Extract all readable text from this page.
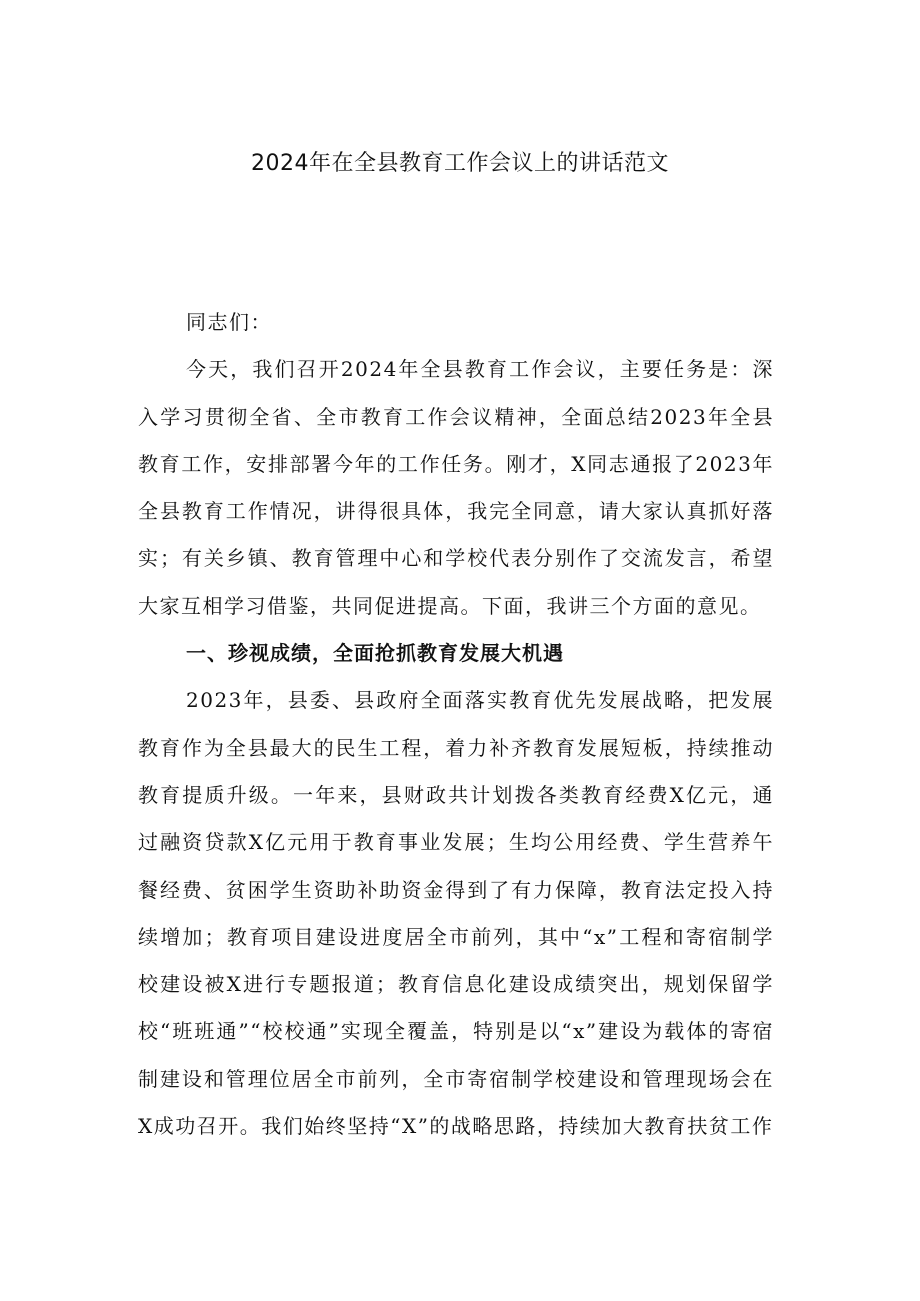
2024年在全县教育工作会议上的讲话范文

同志们：

今天，我们召开2024年全县教育工作会议，主要任务是：深入学习贯彻全省、全市教育工作会议精神，全面总结2023年全县教育工作，安排部署今年的工作任务。刚才，X同志通报了2023年全县教育工作情况，讲得很具体，我完全同意，请大家认真抓好落实；有关乡镇、教育管理中心和学校代表分别作了交流发言，希望大家互相学习借鉴，共同促进提高。下面，我讲三个方面的意见。

一、珍视成绩，全面抢抓教育发展大机遇

2023年，县委、县政府全面落实教育优先发展战略，把发展教育作为全县最大的民生工程，着力补齐教育发展短板，持续推动教育提质升级。一年来，县财政共计划拨各类教育经费X亿元，通过融资贷款X亿元用于教育事业发展；生均公用经费、学生营养午餐经费、贫困学生资助补助资金得到了有力保障，教育法定投入持续增加；教育项目建设进度居全市前列，其中“x”工程和寄宿制学校建设被X进行专题报道；教育信息化建设成绩突出，规划保留学校“班班通”“校校通”实现全覆盖，特别是以“x”建设为载体的寄宿制建设和管理位居全市前列，全市寄宿制学校建设和管理现场会在X成功召开。我们始终坚持“X”的战略思路，持续加大教育扶贫工作
